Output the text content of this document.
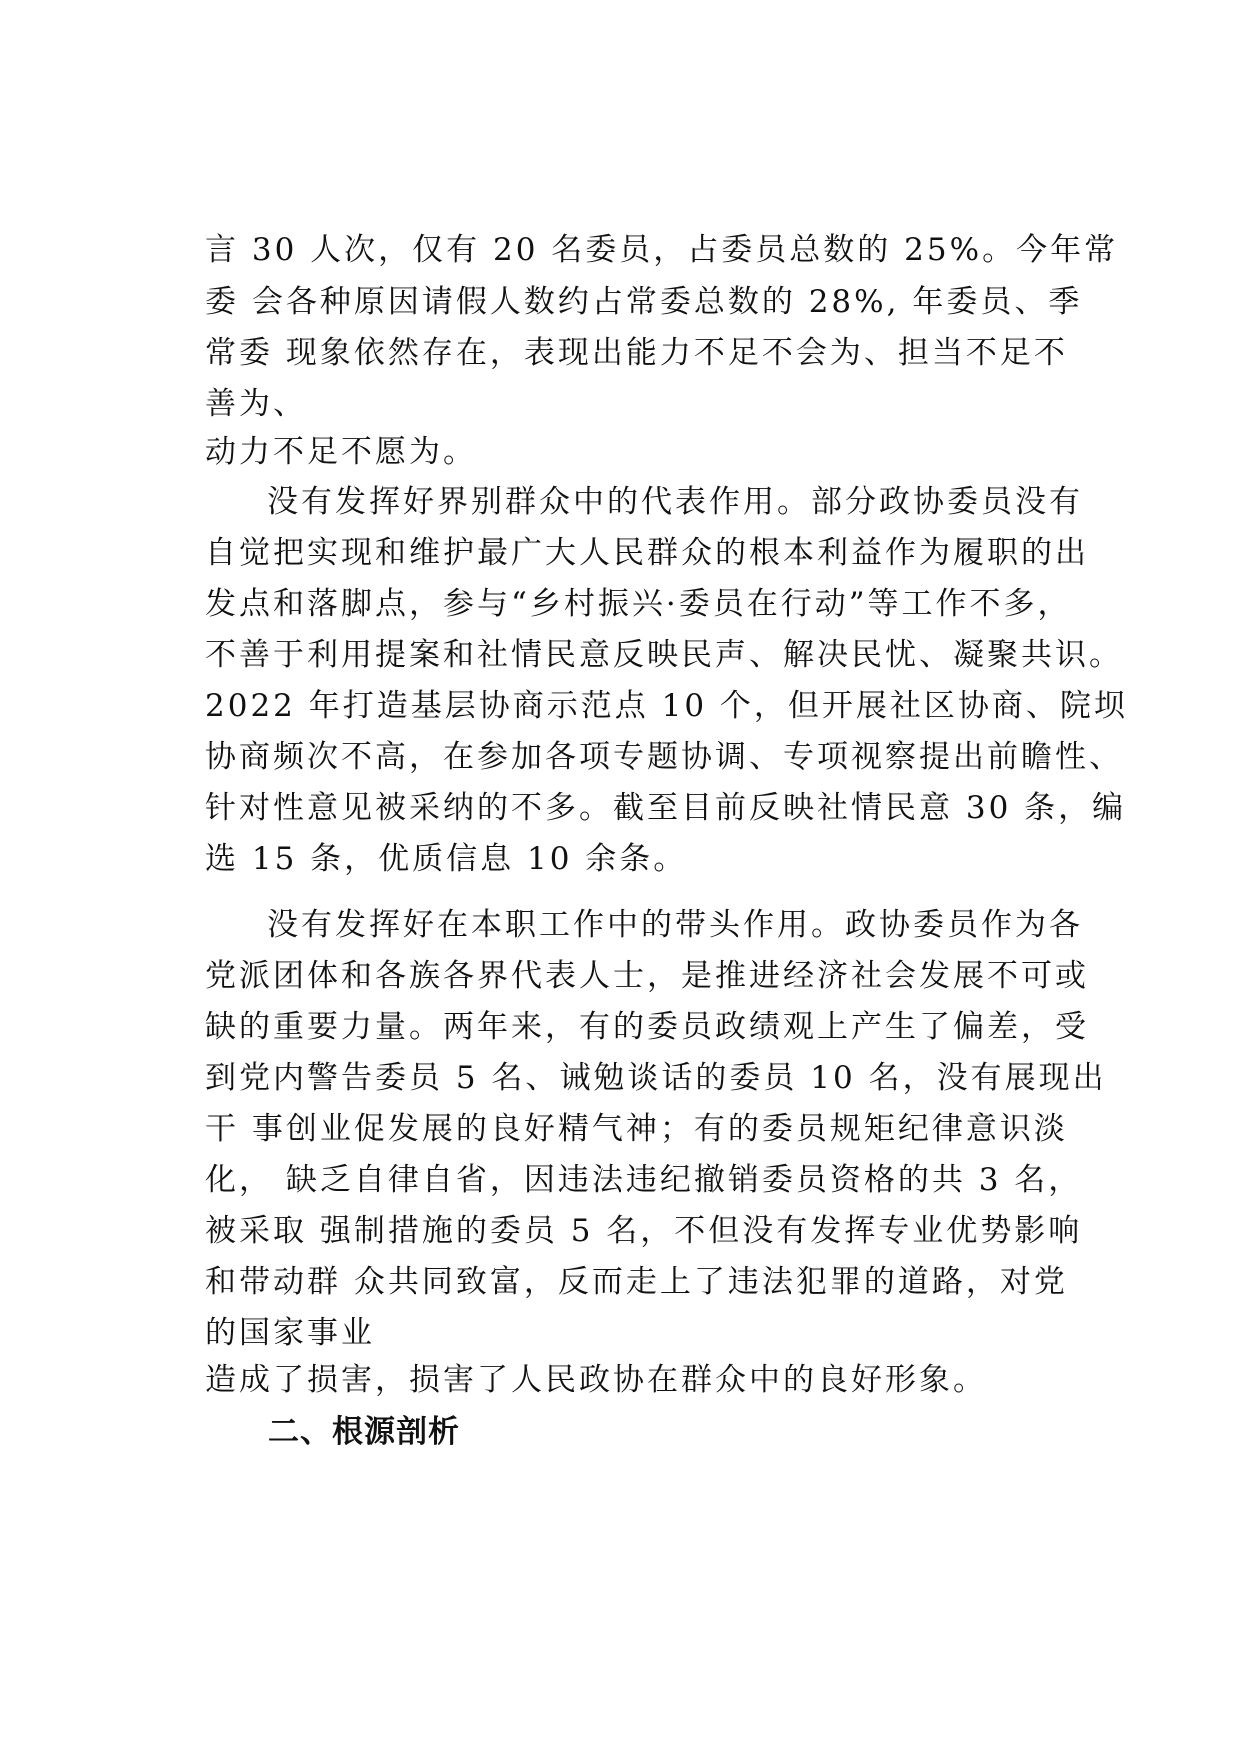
言 30 人次，仅有 20 名委员，占委员总数的 25%。今年常
委 会各种原因请假人数约占常委总数的 28%, 年委员、季
常委 现象依然存在，表现出能力不足不会为、担当不足不
善为、
动力不足不愿为。
没有发挥好界别群众中的代表作用。部分政协委员没有
自觉把实现和维护最广大人民群众的根本利益作为履职的出
发点和落脚点，参与“乡村振兴·委员在行动”等工作不多，
不善于利用提案和社情民意反映民声、解决民忧、凝聚共识。
2022 年打造基层协商示范点 10 个，但开展社区协商、院坝
协商频次不高，在参加各项专题协调、专项视察提出前瞻性、
针对性意见被采纳的不多。截至目前反映社情民意 30 条，编
选 15 条，优质信息 10 余条。
没有发挥好在本职工作中的带头作用。政协委员作为各
党派团体和各族各界代表人士，是推进经济社会发展不可或
缺的重要力量。两年来，有的委员政绩观上产生了偏差，受
到党内警告委员 5 名、诫勉谈话的委员 10 名，没有展现出
干 事创业促发展的良好精气神；有的委员规矩纪律意识淡
化， 缺乏自律自省，因违法违纪撤销委员资格的共 3 名，
被采取 强制措施的委员 5 名，不但没有发挥专业优势影响
和带动群 众共同致富，反而走上了违法犯罪的道路，对党
的国家事业
造成了损害，损害了人民政协在群众中的良好形象。
二、根源剖析
